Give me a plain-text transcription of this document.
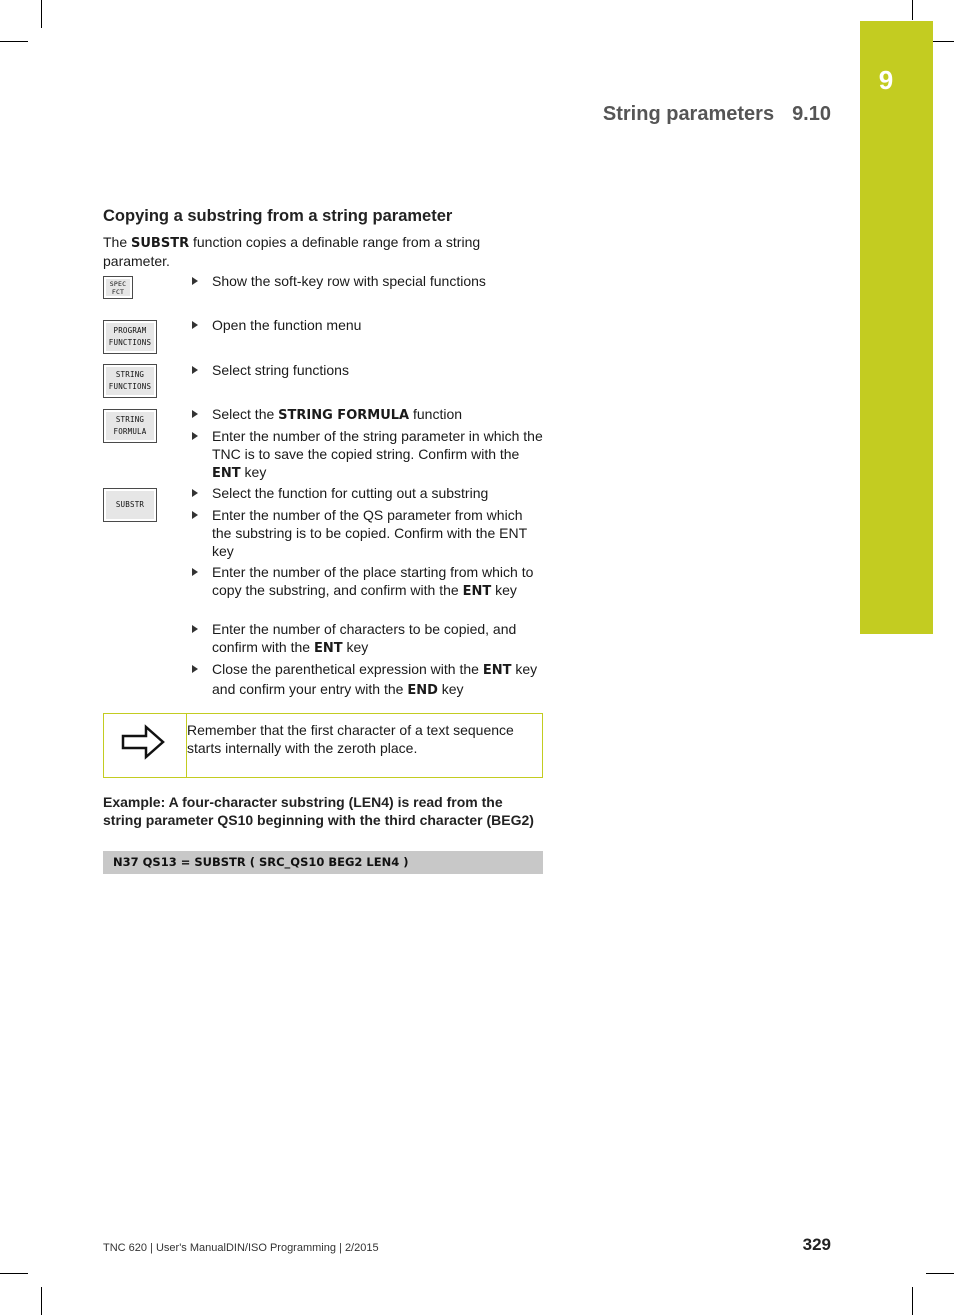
9
String parameters 9.10
Copying a substring from a string parameter

The SUBSTR function copies a definable range from a string parameter.

SPEC
FCT
PROGRAM
FUNCTIONS
STRING
FUNCTIONS
STRING
FORMULA
SUBSTR
Show the soft-key row with special functions
Open the function menu
Select string functions
Select the STRING FORMULA function
Enter the number of the string parameter in which the TNC is to save the copied string. Confirm with the ENT key
Select the function for cutting out a substring
Enter the number of the QS parameter from which the substring is to be copied. Confirm with the ENT key
Enter the number of the place starting from which to copy the substring, and confirm with the ENT key
Enter the number of characters to be copied, and confirm with the ENT key
Close the parenthetical expression with the ENT key and confirm your entry with the END key
Remember that the first character of a text sequence starts internally with the zeroth place.
Example: A four-character substring (LEN4) is read from the string parameter QS10 beginning with the third character (BEG2)
N37 QS13 = SUBSTR ( SRC_QS10 BEG2 LEN4 )
TNC 620 | User's ManualDIN/ISO Programming | 2/2015	329
